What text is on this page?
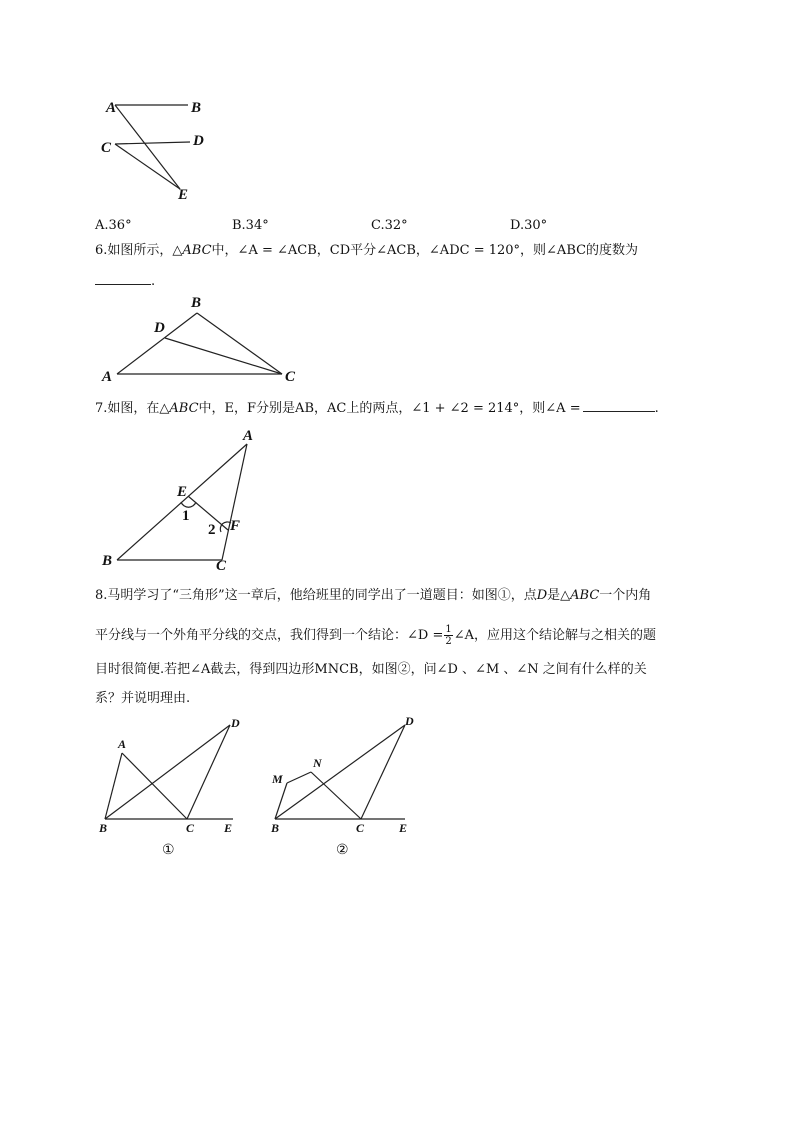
A	B
C	D
E
A.36°	B.34°	C.32°	D.30°
6.如图所示，△ABC中，∠A = ∠ACB，CD平分∠ACB，∠ADC = 120°，则∠ABC的度数为
.
B
D
A	C
7.如图，在△ABC中，E，F分别是AB，AC上的两点，∠1 + ∠2 = 214°，则∠A =	.
A
E
1
2 F
B	C
8.马明学习了“三角形”这一章后，他给班里的同学出了一道题目：如图①，点D是△ABC一个内角
平分线与一个外角平分线的交点，我们得到一个结论：∠D = $\frac{1}{2}$ ∠A，应用这个结论解与之相关的题
目时很简便.若把∠A截去，得到四边形MNCB，如图②，问∠D 、∠M 、∠N 之间有什么样的关
系？并说明理由.
A
D
B	C E
①
M
N
D
B	C	E
②
